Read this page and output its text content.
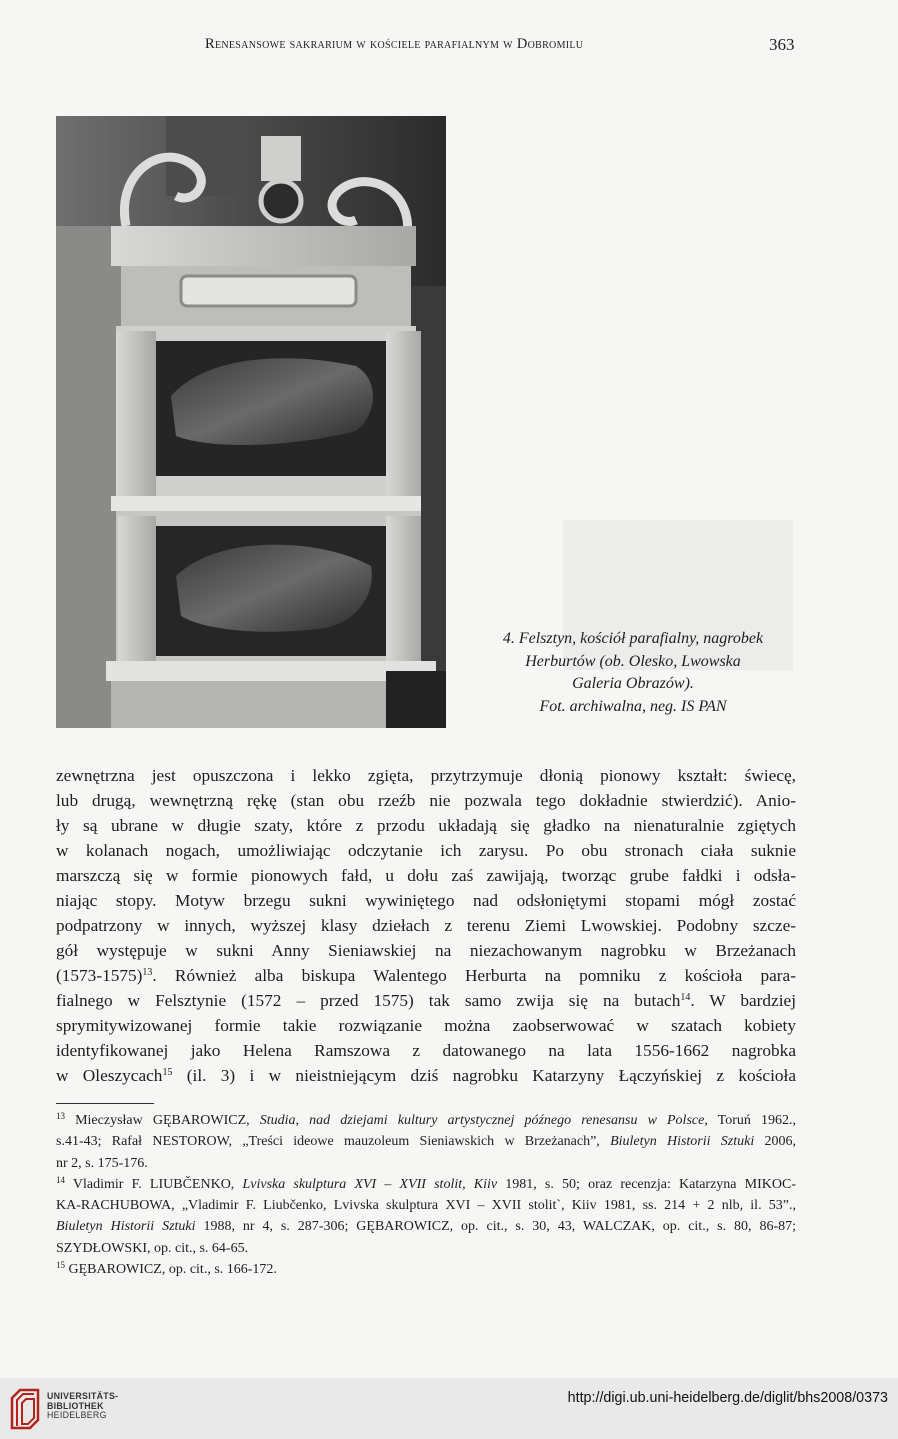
Renesansowe sakrarium w kościele parafialnym w Dobromilu	363
4. Felsztyn, kościół parafialny, nagrobek
Herburtów (ob. Olesko, Lwowska
Galeria Obrazów).
Fot. archiwalna, neg. IS PAN
zewnętrzna jest opuszczona i lekko zgięta, przytrzymuje dłonią pionowy kształt: świecę,
lub drugą, wewnętrzną rękę (stan obu rzeźb nie pozwala tego dokładnie stwierdzić). Anio-
ły są ubrane w długie szaty, które z przodu układają się gładko na nienaturalnie zgiętych
w kolanach nogach, umożliwiając odczytanie ich zarysu. Po obu stronach ciała suknie
marszczą się w formie pionowych fałd, u dołu zaś zawijają, tworząc grube fałdki i odsła-
niając stopy. Motyw brzegu sukni wywiniętego nad odsłoniętymi stopami mógł zostać
podpatrzony w innych, wyższej klasy dziełach z terenu Ziemi Lwowskiej. Podobny szcze-
gół występuje w sukni Anny Sieniawskiej na niezachowanym nagrobku w Brzeżanach
(1573-1575)$^{13}$. Również alba biskupa Walentego Herburta na pomniku z kościoła para-
fialnego w Felsztynie (1572 – przed 1575) tak samo zwija się na butach$^{14}$. W bardziej
sprymitywizowanej formie takie rozwiązanie można zaobserwować w szatach kobiety
identyfikowanej jako Helena Ramszowa z datowanego na lata 1556-1662 nagrobka
w Oleszycach$^{15}$ (il. 3) i w nieistniejącym dziś nagrobku Katarzyny Łączyńskiej z kościoła
$^{13}$ Mieczysław GĘBAROWICZ, Studia, nad dziejami kultury artystycznej późnego renesansu w Polsce, Toruń 1962.,
s.41-43; Rafał NESTOROW, „Treści ideowe mauzoleum Sieniawskich w Brzeżanach”, Biuletyn Historii Sztuki 2006,
nr 2, s. 175-176.
$^{14}$ Vladimir F. LIUBČENKO, Lvivska skulptura XVI – XVII stolit, Kiiv 1981, s. 50; oraz recenzja: Katarzyna MIKOC-
KA-RACHUBOWA, „Vladimir F. Liubčenko, Lvivska skulptura XVI – XVII stolit`, Kiiv 1981, ss. 214 + 2 nlb, il. 53”.,
Biuletyn Historii Sztuki 1988, nr 4, s. 287-306; GĘBAROWICZ, op. cit., s. 30, 43, WALCZAK, op. cit., s. 80, 86-87;
SZYDŁOWSKI, op. cit., s. 64-65.
$^{15}$ GĘBAROWICZ, op. cit., s. 166-172.
UNIVERSITÄTS-
BIBLIOTHEK
HEIDELBERG
http://digi.ub.uni-heidelberg.de/diglit/bhs2008/0373
